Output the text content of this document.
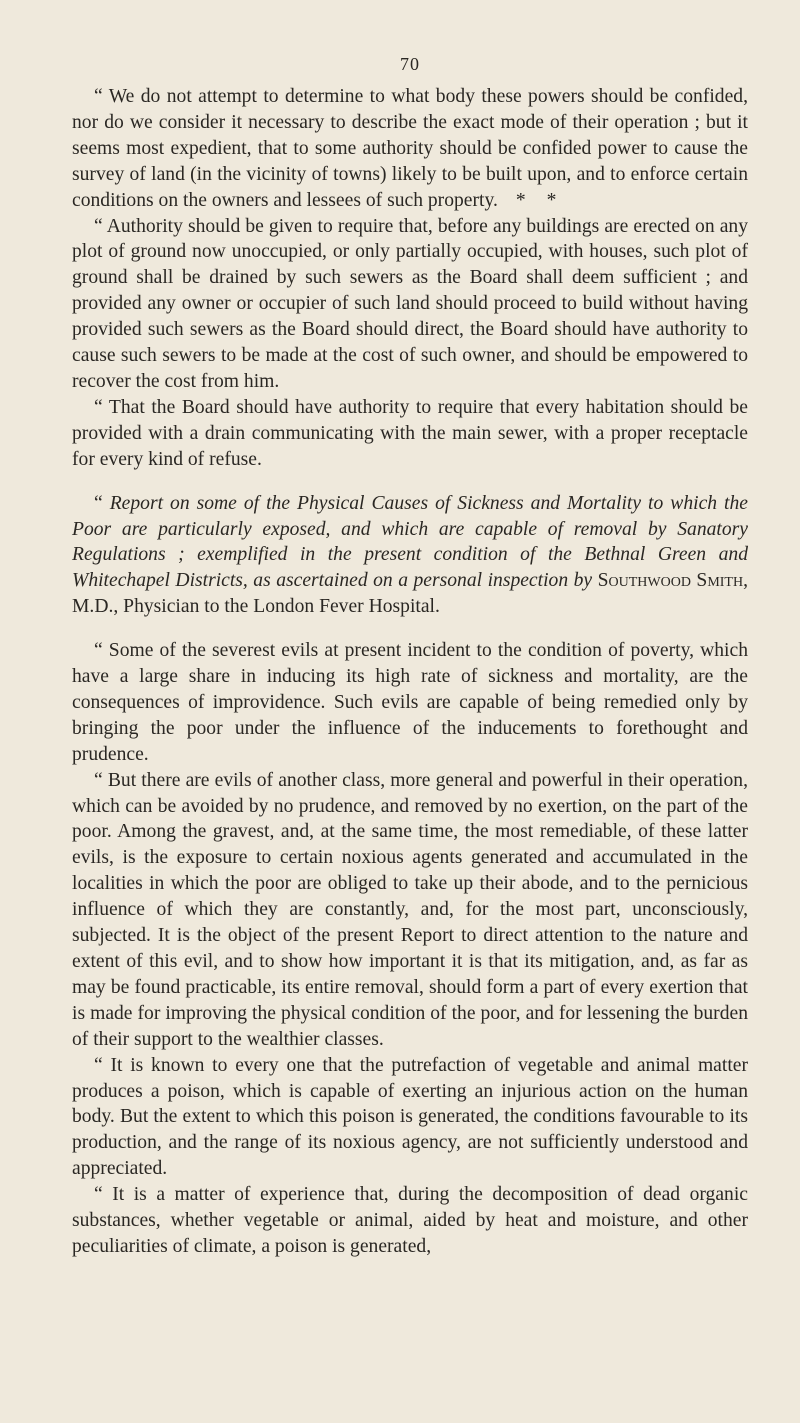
70

“ We do not attempt to determine to what body these powers should be confided, nor do we consider it necessary to describe the exact mode of their operation ; but it seems most expedient, that to some authority should be confided power to cause the survey of land (in the vicinity of towns) likely to be built upon, and to enforce certain conditions on the owners and lessees of such property. * *

“ Authority should be given to require that, before any buildings are erected on any plot of ground now unoccupied, or only partially occupied, with houses, such plot of ground shall be drained by such sewers as the Board shall deem sufficient ; and provided any owner or occupier of such land should proceed to build without having provided such sewers as the Board should direct, the Board should have authority to cause such sewers to be made at the cost of such owner, and should be empowered to recover the cost from him.

“ That the Board should have authority to require that every habitation should be provided with a drain communicating with the main sewer, with a proper receptacle for every kind of refuse.

“ Report on some of the Physical Causes of Sickness and Mortality to which the Poor are particularly exposed, and which are capable of removal by Sanatory Regulations ; exemplified in the present condition of the Bethnal Green and Whitechapel Districts, as ascertained on a personal inspection by Southwood Smith, M.D., Physician to the London Fever Hospital.

“ Some of the severest evils at present incident to the condition of poverty, which have a large share in inducing its high rate of sickness and mortality, are the consequences of improvidence. Such evils are capable of being remedied only by bringing the poor under the influence of the inducements to forethought and prudence.

“ But there are evils of another class, more general and powerful in their operation, which can be avoided by no prudence, and removed by no exertion, on the part of the poor. Among the gravest, and, at the same time, the most remediable, of these latter evils, is the exposure to certain noxious agents generated and accumulated in the localities in which the poor are obliged to take up their abode, and to the pernicious influence of which they are constantly, and, for the most part, unconsciously, subjected. It is the object of the present Report to direct attention to the nature and extent of this evil, and to show how important it is that its mitigation, and, as far as may be found practicable, its entire removal, should form a part of every exertion that is made for improving the physical condition of the poor, and for lessening the burden of their support to the wealthier classes.

“ It is known to every one that the putrefaction of vegetable and animal matter produces a poison, which is capable of exerting an injurious action on the human body. But the extent to which this poison is generated, the conditions favourable to its production, and the range of its noxious agency, are not sufficiently understood and appreciated.

“ It is a matter of experience that, during the decomposition of dead organic substances, whether vegetable or animal, aided by heat and moisture, and other peculiarities of climate, a poison is generated,
